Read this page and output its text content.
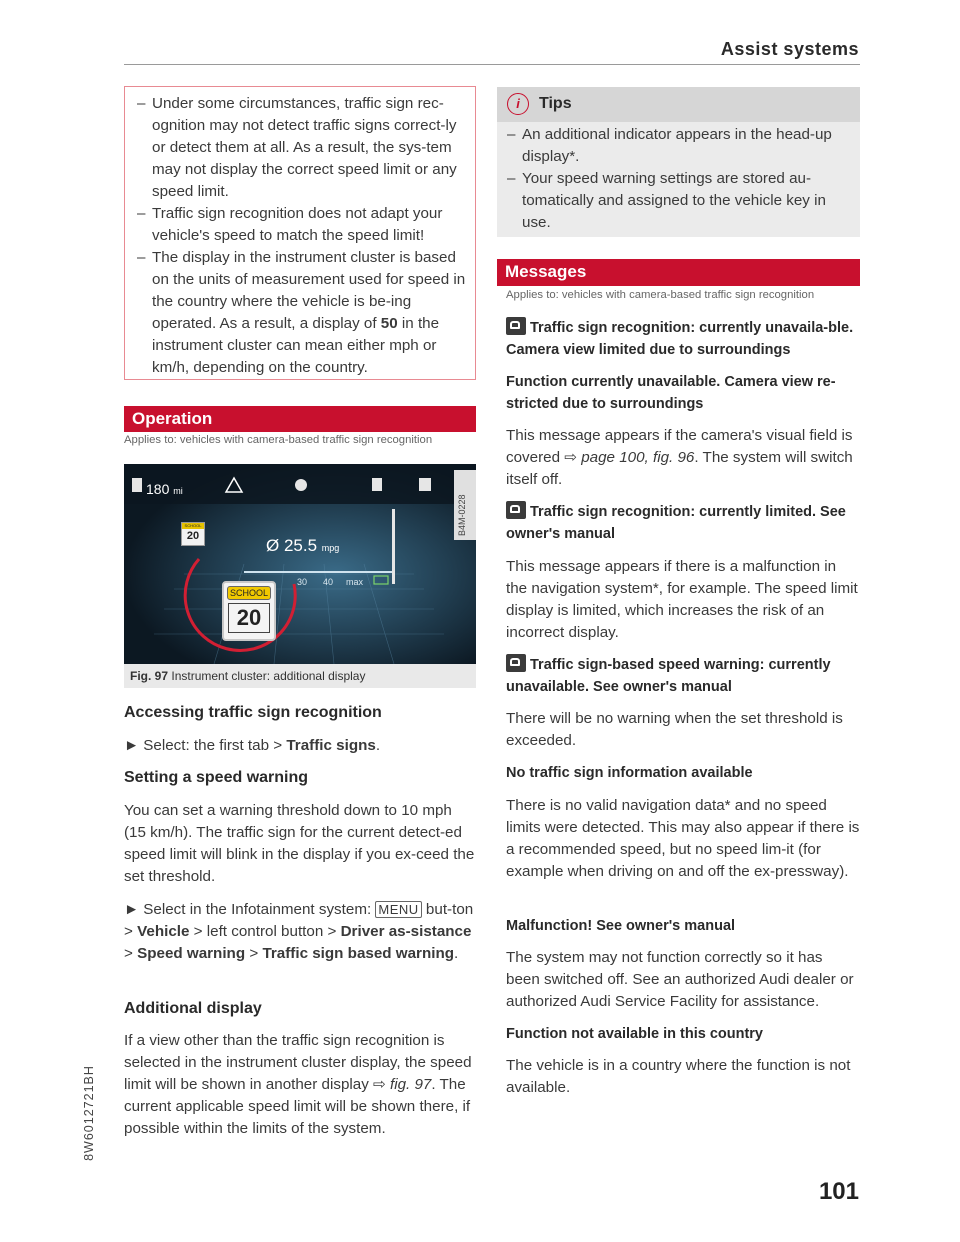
Assist systems
– Under some circumstances, traffic sign rec-ognition may not detect traffic signs correct-ly or detect them at all. As a result, the sys-tem may not display the correct speed limit or any speed limit.
– Traffic sign recognition does not adapt your vehicle's speed to match the speed limit!
– The display in the instrument cluster is based on the units of measurement used for speed in the country where the vehicle is be-ing operated. As a result, a display of 50 in the instrument cluster can mean either mph or km/h, depending on the country.
Operation
Applies to: vehicles with camera-based traffic sign recognition
180 mi
SCHOOL
20	Ø 25.5 mpg
30 40 max
SCHOOL
20
B4M-0228
Fig. 97 Instrument cluster: additional display
Accessing traffic sign recognition

► Select: the first tab > Traffic signs.

Setting a speed warning
You can set a warning threshold down to 10 mph (15 km/h). The traffic sign for the current detect-ed speed limit will blink in the display if you ex-ceed the set threshold.

► Select in the Infotainment system: MENU but-ton > Vehicle > left control button > Driver as-sistance > Speed warning > Traffic sign based warning.

Additional display

If a view other than the traffic sign recognition is selected in the instrument cluster display, the speed limit will be shown in another display ⇨ fig. 97. The current applicable speed limit will be shown there, if possible within the limits of the system.

i	Tips
– An additional indicator appears in the head-up display*.
– Your speed warning settings are stored au-tomatically and assigned to the vehicle key in use.
Messages
Applies to: vehicles with camera-based traffic sign recognition
Traffic sign recognition: currently unavaila-ble. Camera view limited due to surroundings
Function currently unavailable. Camera view re-stricted due to surroundings

This message appears if the camera's visual field is covered ⇨ page 100, fig. 96. The system will switch itself off.

Traffic sign recognition: currently limited. See owner's manual
This message appears if there is a malfunction in the navigation system*, for example. The speed limit display is limited, which increases the risk of an incorrect display.
Traffic sign-based speed warning: currently unavailable. See owner's manual
There will be no warning when the set threshold is exceeded.
No traffic sign information available
There is no valid navigation data* and no speed limits were detected. This may also appear if there is a recommended speed, but no speed lim-it (for example when driving on and off the ex-pressway).
Malfunction! See owner's manual
The system may not function correctly so it has been switched off. See an authorized Audi dealer or authorized Audi Service Facility for assistance.
Function not available in this country
The vehicle is in a country where the function is not available.
8W6012721BH
101
